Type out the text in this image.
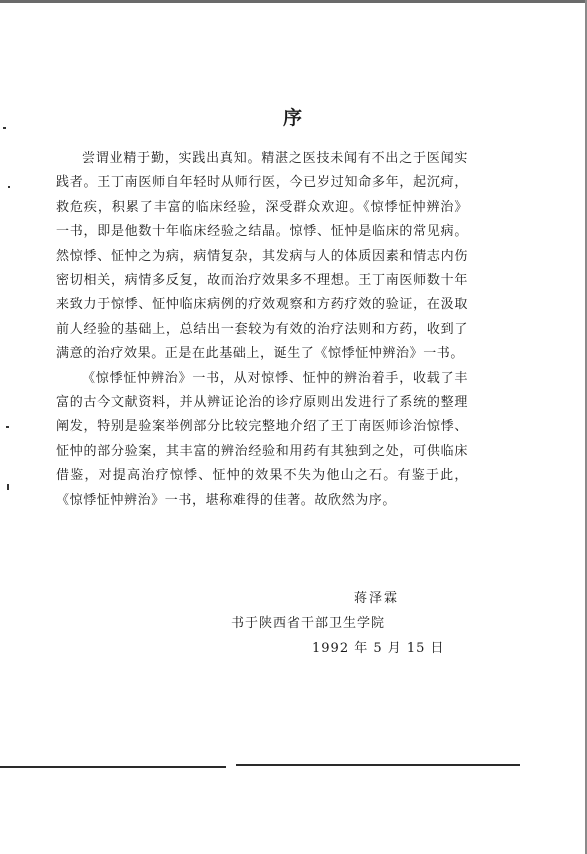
序

尝谓业精于勤，实践出真知。精湛之医技未闻有不出之于医闻实践者。王丁南医师自年轻时从师行医，今已岁过知命多年，起沉疴，救危疾，积累了丰富的临床经验，深受群众欢迎。《惊悸怔忡辨治》一书，即是他数十年临床经验之结晶。惊悸、怔忡是临床的常见病。然惊悸、怔忡之为病，病情复杂，其发病与人的体质因素和情志内伤密切相关，病情多反复，故而治疗效果多不理想。王丁南医师数十年来致力于惊悸、怔忡临床病例的疗效观察和方药疗效的验证，在汲取前人经验的基础上，总结出一套较为有效的治疗法则和方药，收到了满意的治疗效果。正是在此基础上，诞生了《惊悸怔忡辨治》一书。

《惊悸怔忡辨治》一书，从对惊悸、怔忡的辨治着手，收载了丰富的古今文献资料，并从辨证论治的诊疗原则出发进行了系统的整理阐发，特别是验案举例部分比较完整地介绍了王丁南医师诊治惊悸、怔忡的部分验案，其丰富的辨治经验和用药有其独到之处，可供临床借鉴，对提高治疗惊悸、怔忡的效果不失为他山之石。有鉴于此，《惊悸怔忡辨治》一书，堪称难得的佳著。故欣然为序。

蒋泽霖
书于陕西省干部卫生学院
1992 年 5 月 15 日
